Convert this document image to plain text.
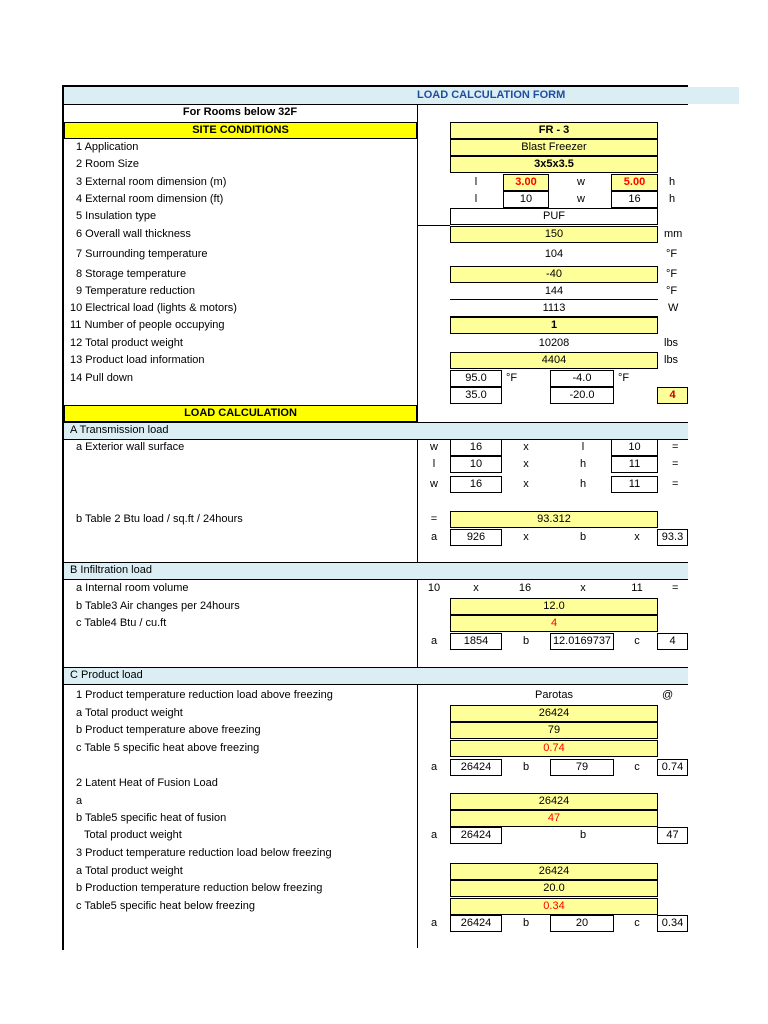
LOAD CALCULATION FORM
For Rooms below 32F
SITE CONDITIONS	FR - 3
1 Application	Blast Freezer
2 Room Size	3x5x3.5
3 External room dimension (m)	l	3.00	w	5.00	h
4 External room dimension (ft)	l	10	w	16	h
5 Insulation type	PUF
6 Overall wall thickness	150	mm
7 Surrounding temperature	104	°F
8 Storage temperature	-40	°F
9 Temperature reduction	144	°F
10 Electrical load (lights & motors)	1113	W
11 Number of people occupying	1
12 Total product weight	10208	lbs
13 Product load information	4404	lbs
14 Pull down	95.0	°F	-4.0	°F
35.0	-20.0	4
LOAD CALCULATION
A Transmission load
a Exterior wall surface	w	16	x	l	10	=
l	10	x	h	11	=
w	16	x	h	11	=
b Table 2 Btu load / sq.ft / 24hours	=	93.312
a	926	x	b	x	93.3
B Infiltration load
a Internal room volume	10	x	16	x	11	=
b Table3 Air changes per 24hours	12.0
c Table4 Btu / cu.ft	4
a	1854	b	12.0169737	c	4
C Product load
1 Product temperature reduction load above freezing	Parotas	@
a Total product weight	26424
b Product temperature above freezing	79
c Table 5 specific heat above freezing	0.74
a	26424	b	79	c	0.74
2 Latent Heat of Fusion Load
a	26424
b Table5 specific heat of fusion	47
Total product weight	a	26424	b	47
3 Product temperature reduction load below freezing
a Total product weight	26424
b Production temperature reduction below freezing	20.0
c Table5 specific heat below freezing	0.34
a	26424	b	20	c	0.34
